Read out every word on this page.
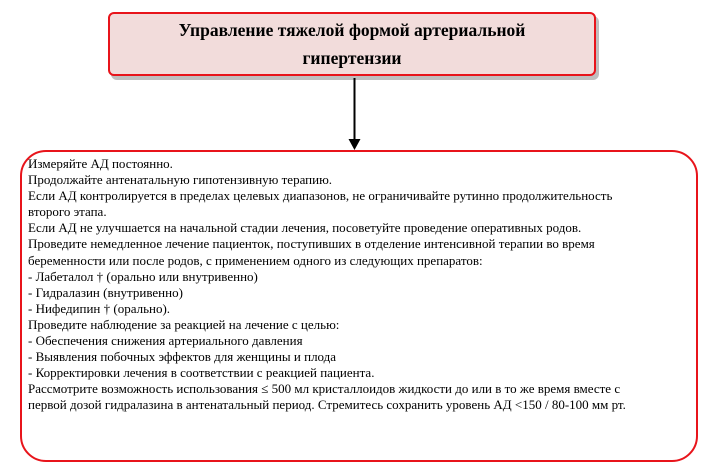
Управление тяжелой формой артериальной
гипертензии
Измеряйте АД постоянно.
Продолжайте антенатальную гипотензивную терапию.
Если АД контролируется в пределах целевых диапазонов, не ограничивайте рутинно продолжительность
второго этапа.
Если АД не улучшается на начальной стадии лечения, посоветуйте проведение оперативных родов.
Проведите немедленное лечение пациенток, поступивших в отделение интенсивной терапии во время
беременности или после родов, с применением одного из следующих препаратов:
- Лабеталол † (орально или внутривенно)
- Гидралазин (внутривенно)
- Нифедипин † (орально).
Проведите наблюдение за реакцией на лечение с целью:
- Обеспечения снижения артериального давления
- Выявления побочных эффектов для женщины и плода
- Корректировки лечения в соответствии с реакцией пациента.
Рассмотрите возможность использования ≤ 500 мл кристаллоидов жидкости до или в то же время вместе с
первой дозой гидралазина в антенатальный период. Стремитесь сохранить уровень АД <150 / 80-100 мм рт.
